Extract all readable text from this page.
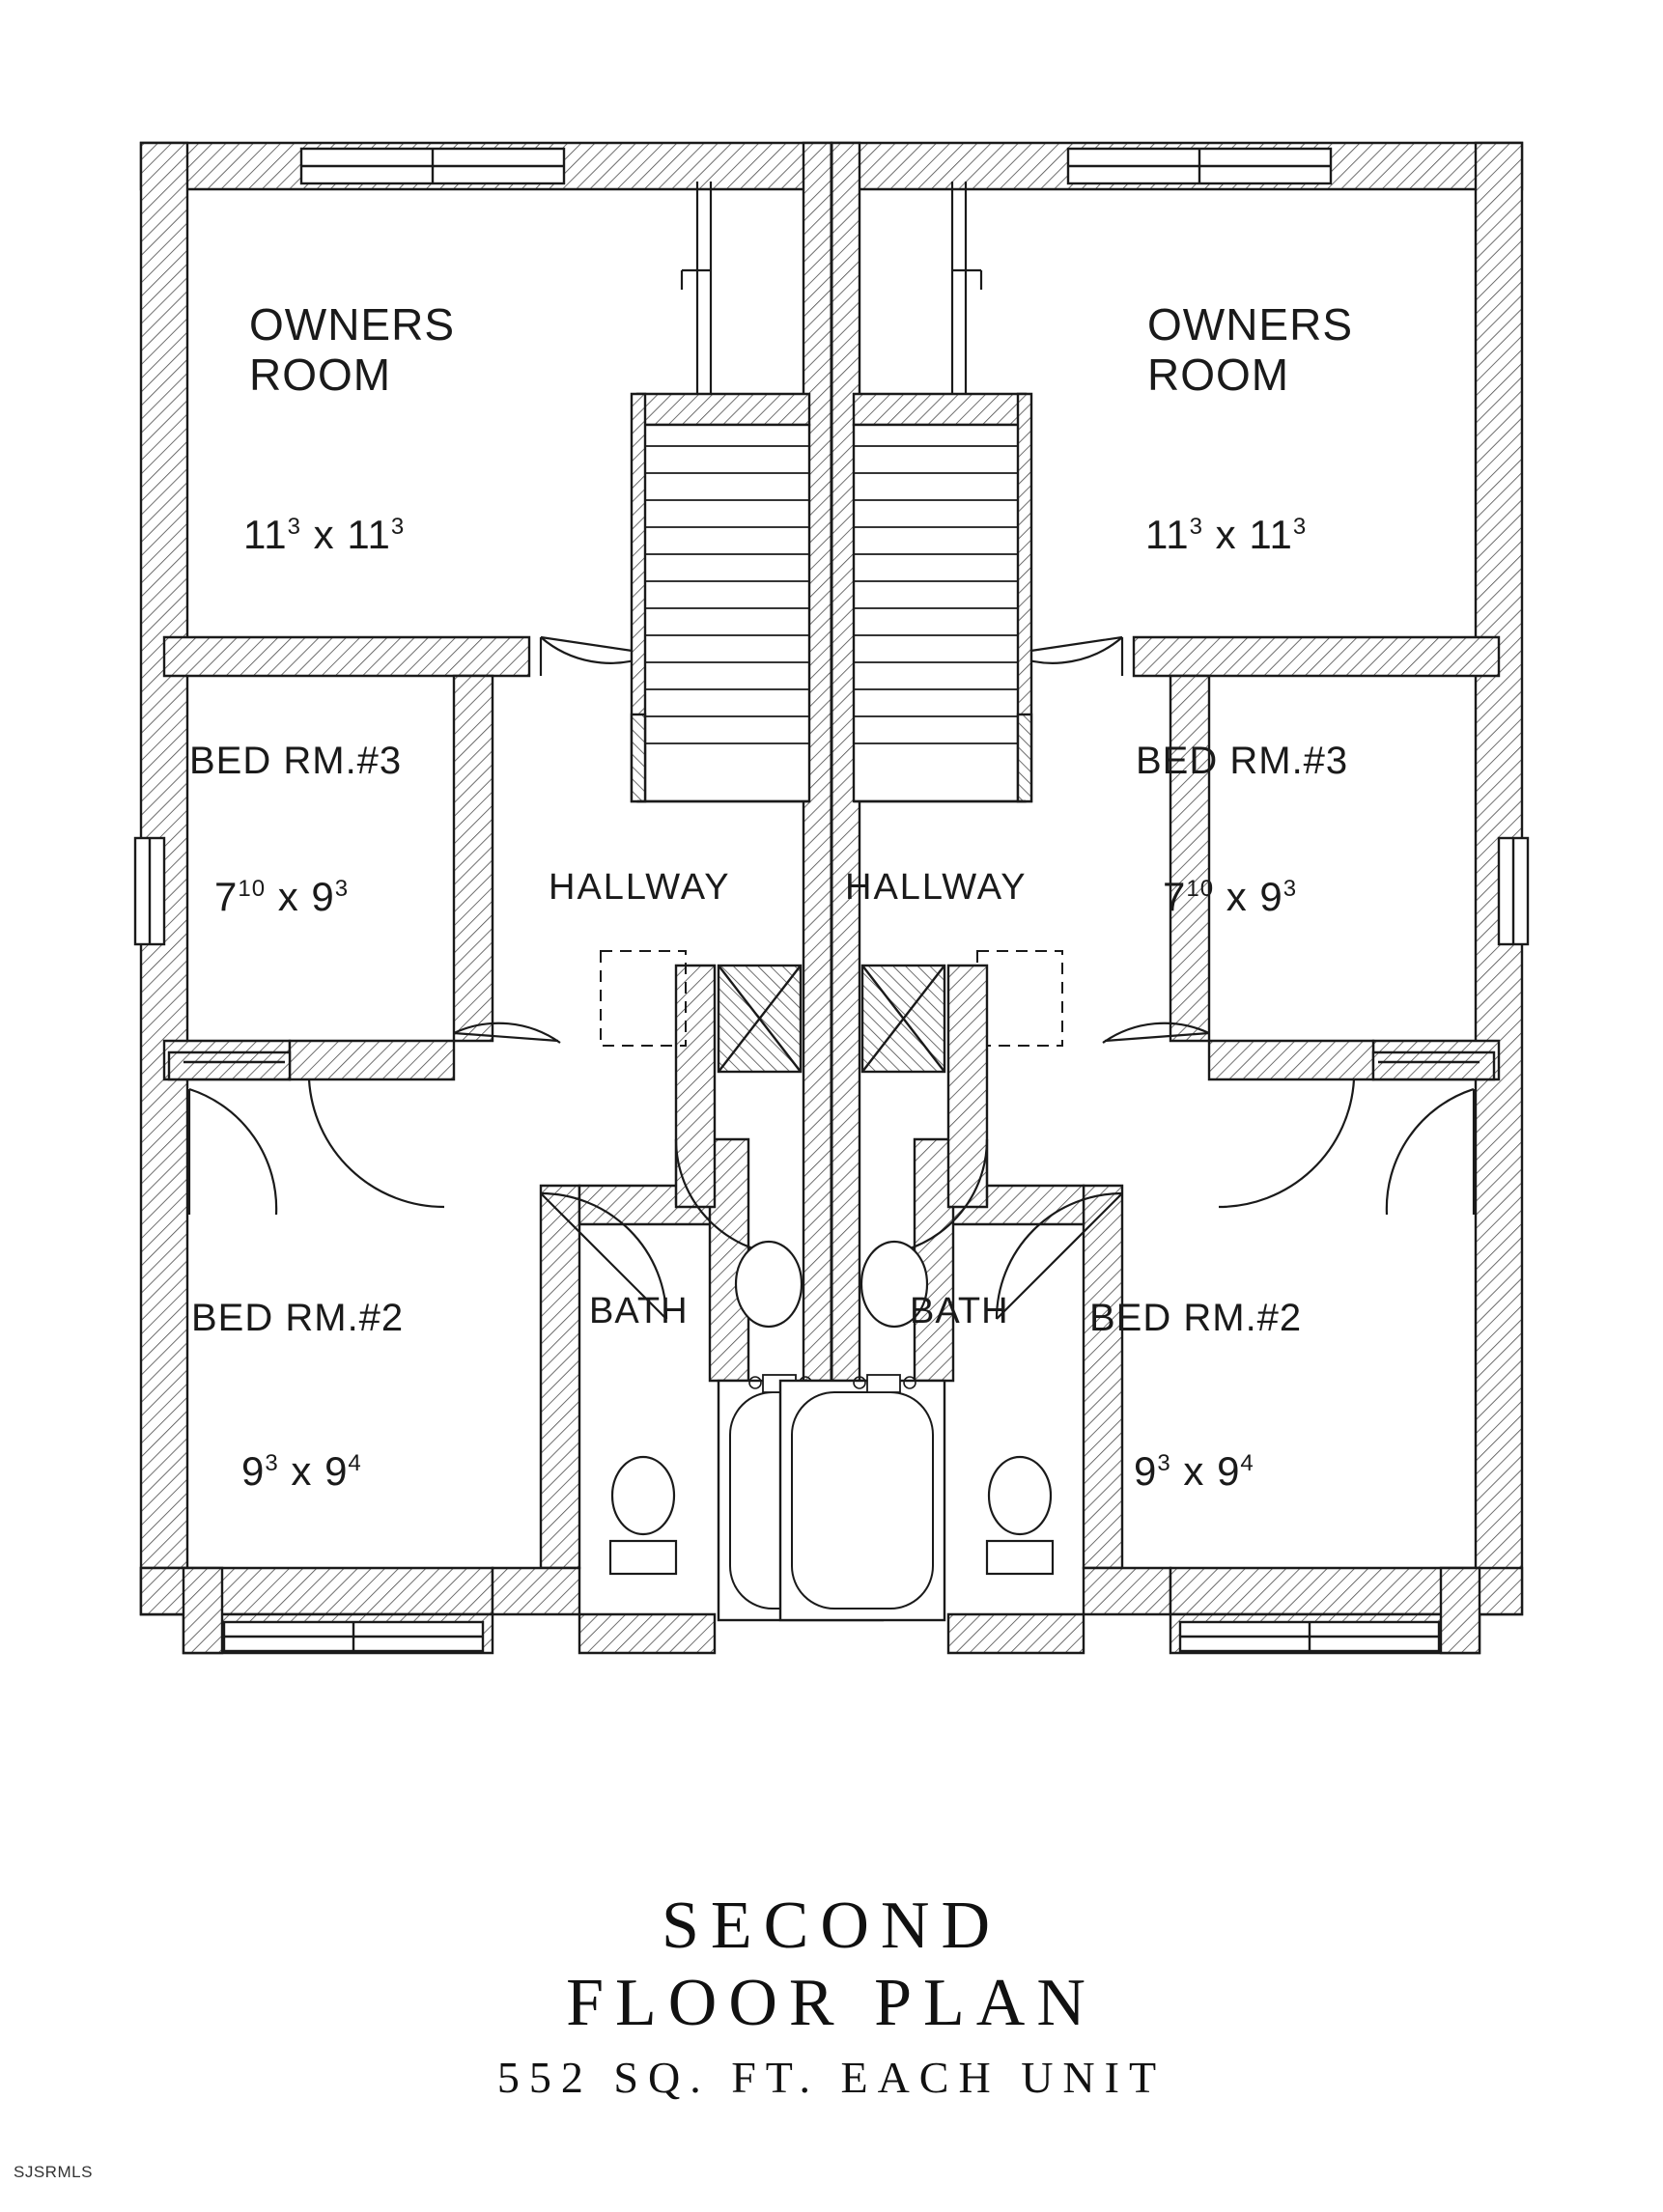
OWNERS
ROOM
$11^3$ x $11^3$
BED RM.#3
$7^{10}$ x $9^3$
BED RM.#2
$9^3$ x $9^4$
HALLWAY
BATH
OWNERS
ROOM
$11^3$ x $11^3$
BED RM.#3
$7^{10}$ x $9^3$
BED RM.#2
$9^3$ x $9^4$
HALLWAY
BATH
SECOND
FLOOR PLAN
552 SQ. FT. EACH UNIT
SJSRMLS
